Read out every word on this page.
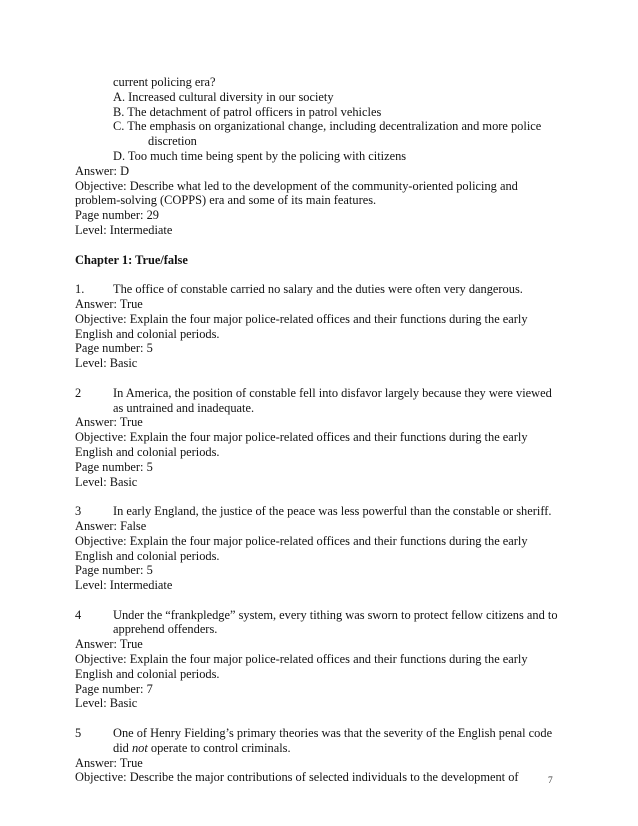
current policing era?
A. Increased cultural diversity in our society
B. The detachment of patrol officers in patrol vehicles
C. The emphasis on organizational change, including decentralization and more police
discretion
D. Too much time being spent by the policing with citizens
Answer: D
Objective: Describe what led to the development of the community-oriented policing and
problem-solving (COPPS) era and some of its main features.
Page number: 29
Level: Intermediate
Chapter 1: True/false
1.	The office of constable carried no salary and the duties were often very dangerous.
Answer: True
Objective: Explain the four major police-related offices and their functions during the early
English and colonial periods.
Page number: 5
Level: Basic
2	In America, the position of constable fell into disfavor largely because they were viewed
as untrained and inadequate.
Answer: True
Objective: Explain the four major police-related offices and their functions during the early
English and colonial periods.
Page number: 5
Level: Basic
3	In early England, the justice of the peace was less powerful than the constable or sheriff.
Answer: False
Objective: Explain the four major police-related offices and their functions during the early
English and colonial periods.
Page number: 5
Level: Intermediate
4	Under the “frankpledge” system, every tithing was sworn to protect fellow citizens and to
apprehend offenders.
Answer: True
Objective: Explain the four major police-related offices and their functions during the early
English and colonial periods.
Page number: 7
Level: Basic
5	One of Henry Fielding’s primary theories was that the severity of the English penal code
did not operate to control criminals.
Answer: True
Objective: Describe the major contributions of selected individuals to the development of	7
